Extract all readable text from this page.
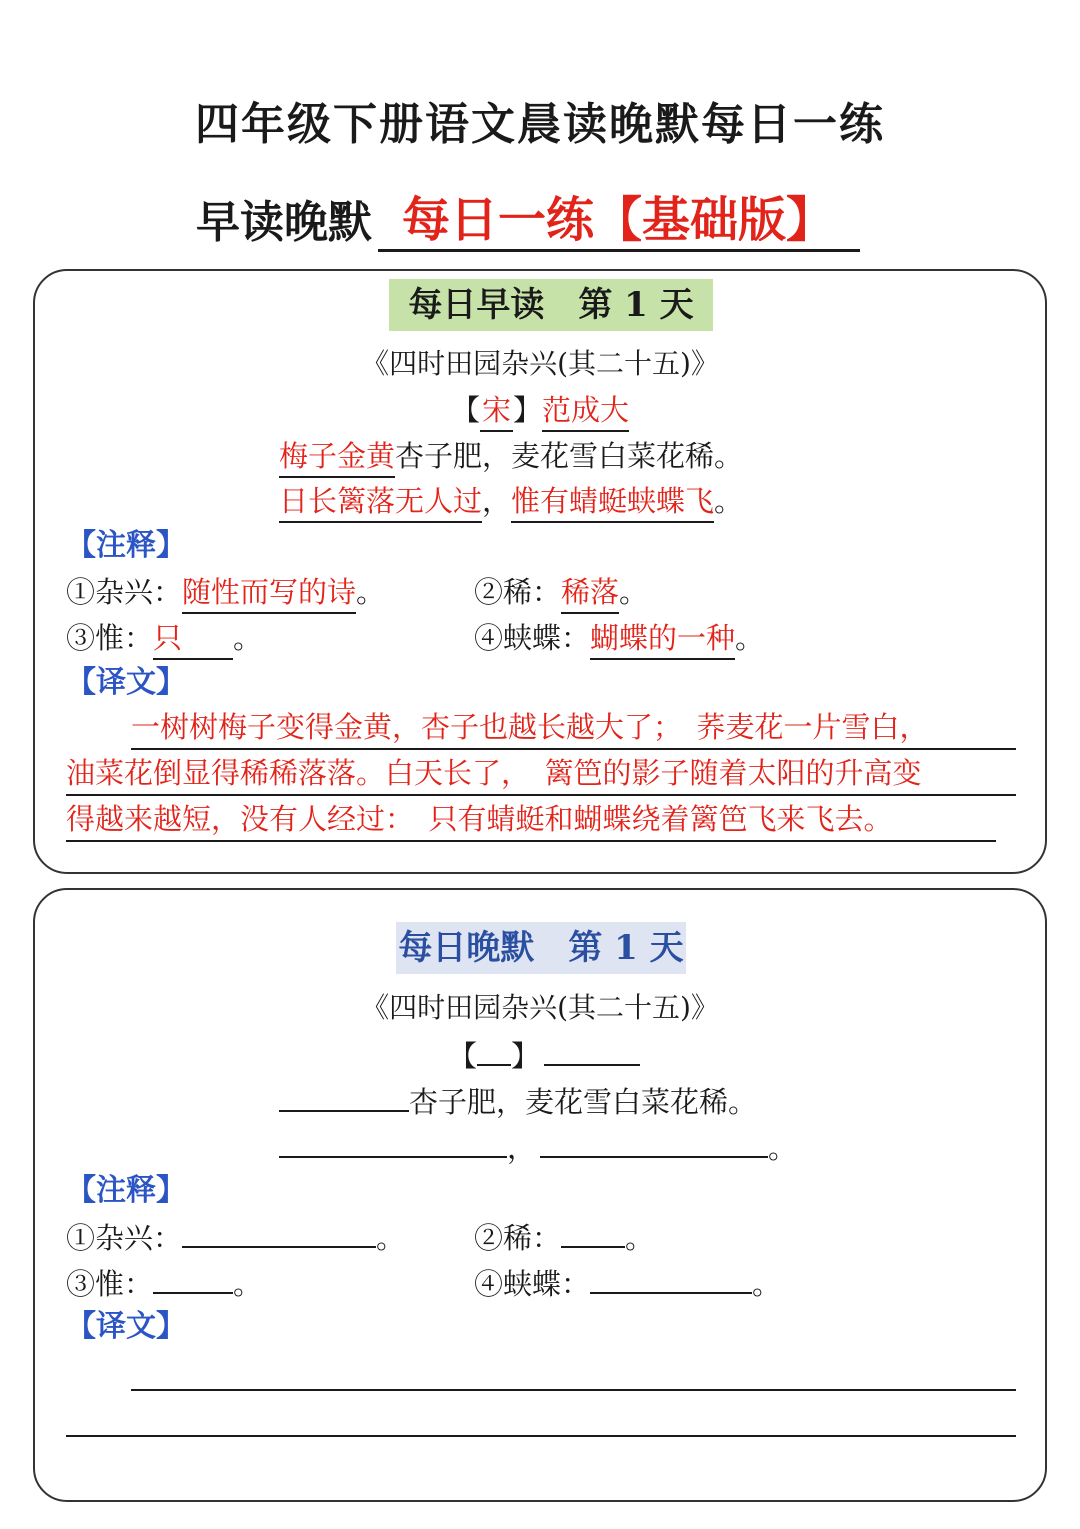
四年级下册语文晨读晚默每日一练
早读晚默 每日一练【基础版】
每日早读　第 1 天
《四时田园杂兴(其二十五)》
【宋】范成大
梅子金黄杏子肥，麦花雪白菜花稀。
日长篱落无人过，惟有蜻蜓蛱蝶飞。
【注释】
①杂兴：随性而写的诗。	②稀：稀落。
③惟：只 。	④蛱蝶：蝴蝶的一种。
【译文】
一树树梅子变得金黄，杏子也越长越大了；　荞麦花一片雪白，
油菜花倒显得稀稀落落。白天长了，　篱笆的影子随着太阳的升高变
得越来越短，没有人经过：　只有蜻蜓和蝴蝶绕着篱笆飞来飞去。
每日晚默　第 1 天
《四时田园杂兴(其二十五)》
【 】
杏子肥，麦花雪白菜花稀。
，	。
【注释】
①杂兴：	。 ②稀： 。
③惟：	。	④蛱蝶：	。
【译文】
